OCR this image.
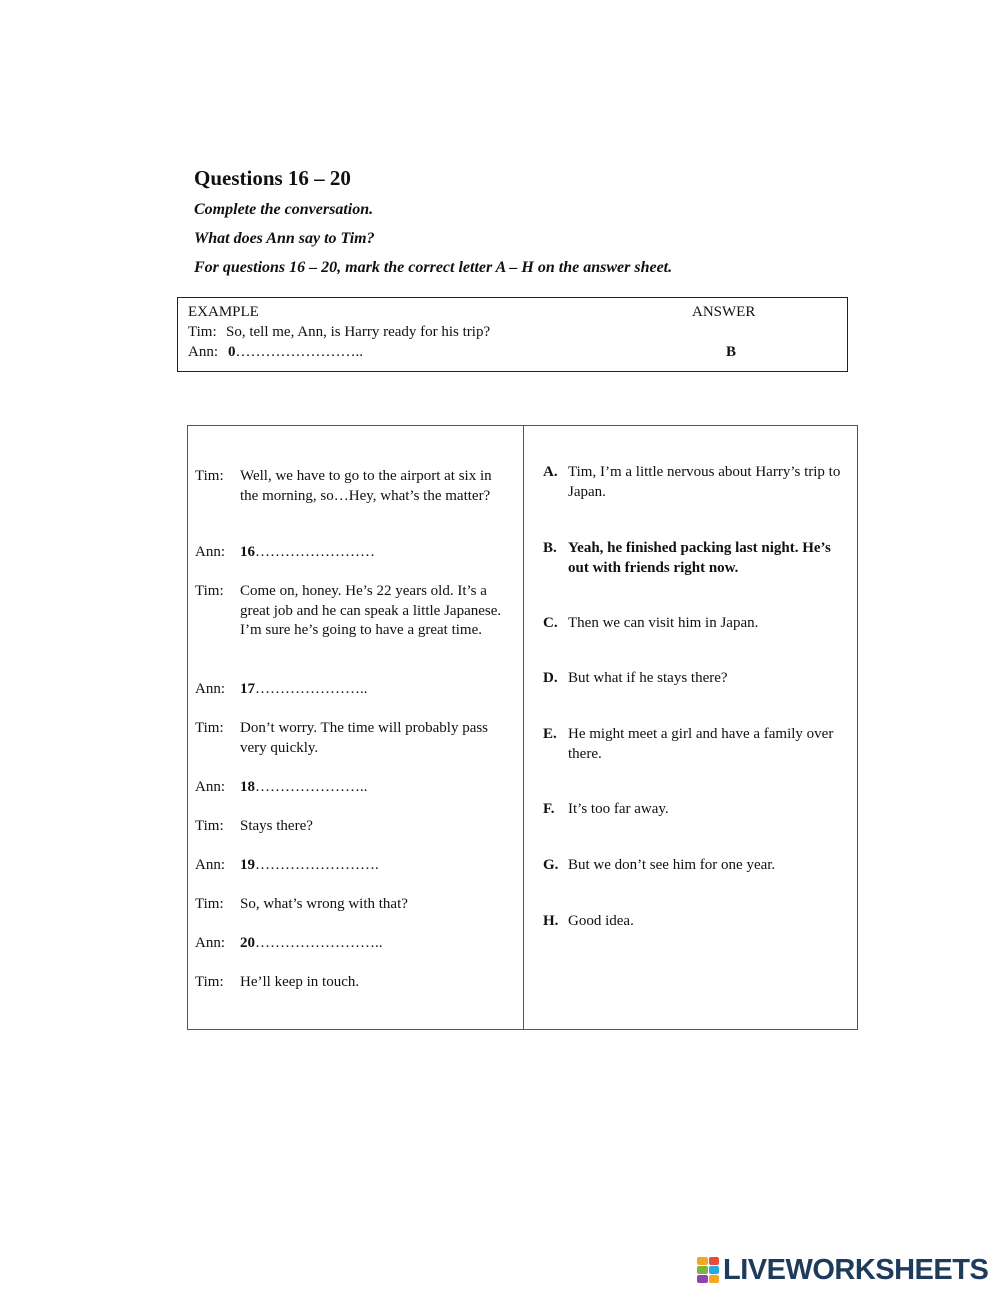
Questions 16 – 20
Complete the conversation.
What does Ann say to Tim?
For questions 16 – 20, mark the correct letter A – H on the answer sheet.
EXAMPLE	ANSWER
Tim: So, tell me, Ann, is Harry ready for his trip?
Ann: 0……………………..	B
Tim:	Well, we have to go to the airport at six in the morning, so…Hey, what’s the matter?
Ann:	16……………………
Tim:	Come on, honey. He’s 22 years old. It’s a great job and he can speak a little Japanese. I’m sure he’s going to have a great time.
Ann:	17…………………..
Tim:	Don’t worry. The time will probably pass very quickly.
Ann:	18…………………..
Tim:	Stays there?
Ann:	19…………………….
Tim:	So, what’s wrong with that?
Ann:	20……………………..
Tim:	He’ll keep in touch.
A. Tim, I’m a little nervous about Harry’s trip to Japan.
B. Yeah, he finished packing last night. He’s out with friends right now.
C. Then we can visit him in Japan.
D. But what if he stays there?
E. He might meet a girl and have a family over there.
F. It’s too far away.
G. But we don’t see him for one year.
H. Good idea.
LIVEWORKSHEETS
